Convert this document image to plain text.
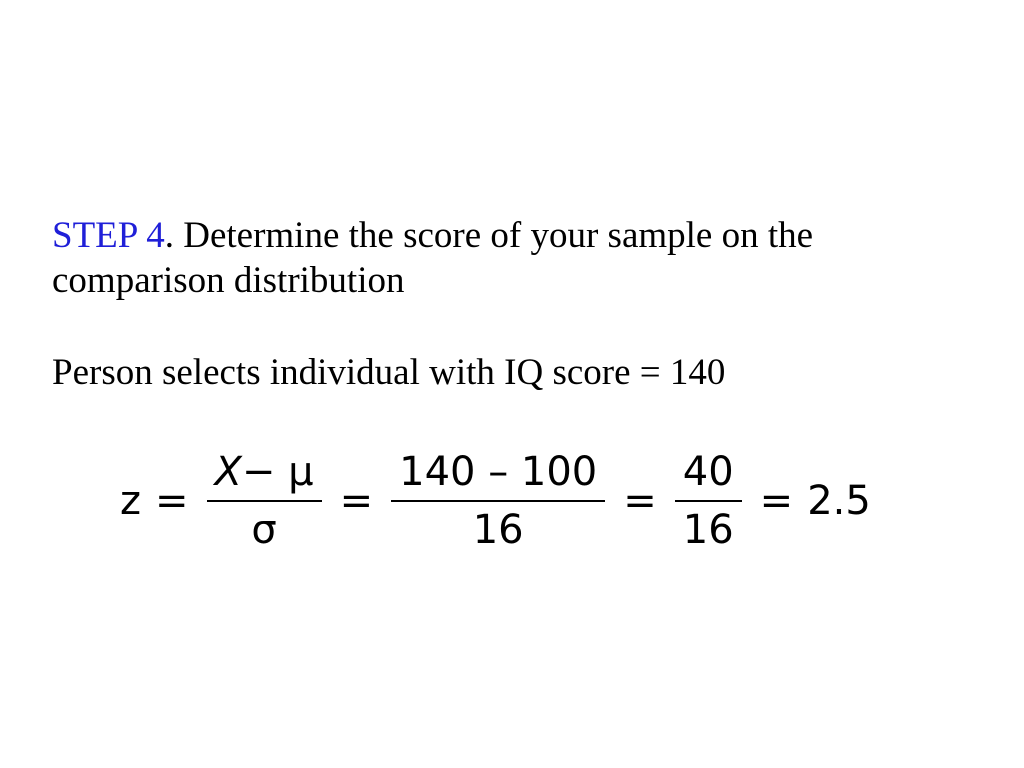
STEP 4. Determine the score of your sample on the comparison distribution

Person selects individual with IQ score = 140

$z = \frac{X- \mu}{\sigma} = \frac{140 - 100}{16} = \frac{40}{16} = 2.5$
